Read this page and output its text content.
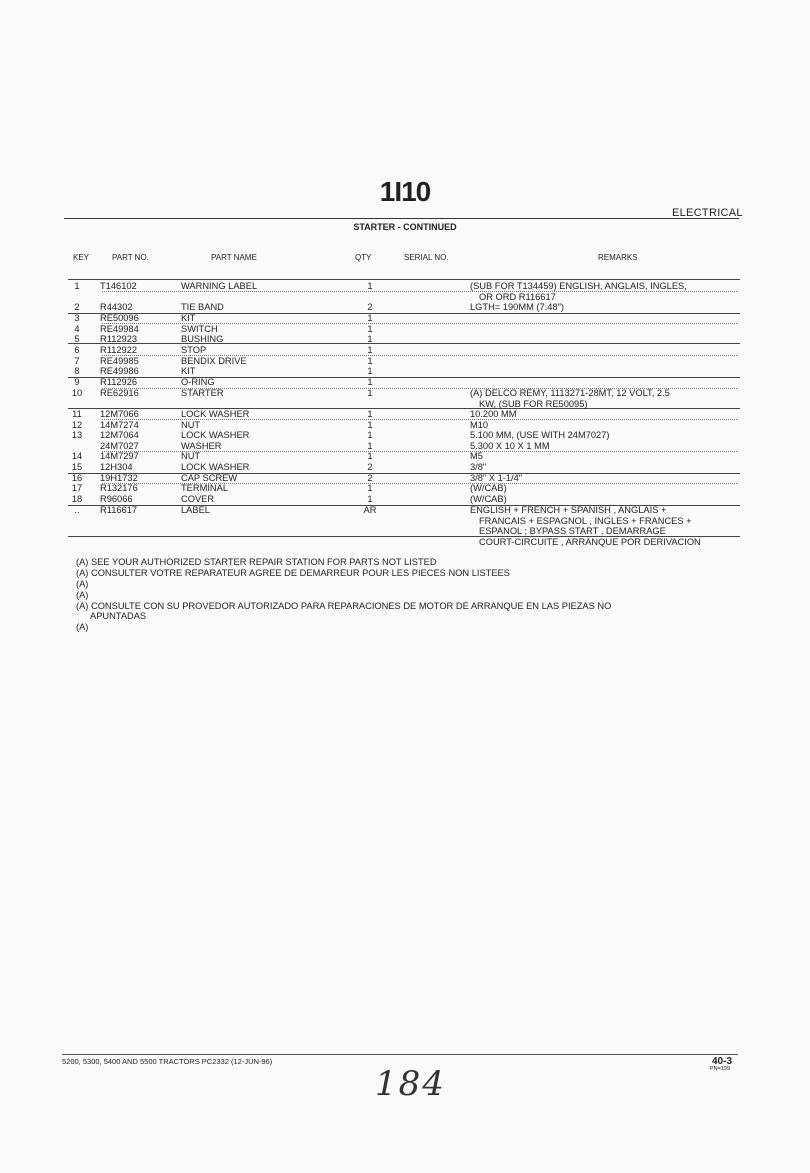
1I10
ELECTRICAL
STARTER - CONTINUED
KEY	PART NO.	PART NAME	QTY	SERIAL NO.	REMARKS
1	T146102	WARNING LABEL	1	(SUB FOR T134459) ENGLISH, ANGLAIS, INGLES,
OR ORD R116617
2	R44302	TIE BAND	2	LGTH= 190MM (7.48")
3	RE50096	KIT	1
4	RE49984	SWITCH	1
5	R112923	BUSHING	1
6	R112922	STOP	1
7	RE49985	BENDIX DRIVE	1
8	RE49986	KIT	1
9	R112926	O-RING	1
10	RE62916	STARTER	1	(A) DELCO REMY, 1113271-28MT, 12 VOLT, 2.5
KW, (SUB FOR RE50095)
11	12M7066	LOCK WASHER	1	10.200 MM
12	14M7274	NUT	1	M10
13	12M7064	LOCK WASHER	1	5.100 MM, (USE WITH 24M7027)
24M7027	WASHER	1	5.300 X 10 X 1 MM
14	14M7297	NUT	1	M5
15	12H304	LOCK WASHER	2	3/8"
16	19H1732	CAP SCREW	2	3/8" X 1-1/4"
17	R132176	TERMINAL	1	(W/CAB)
18	R96066	COVER	1	(W/CAB)
..	R116617	LABEL	AR	ENGLISH + FRENCH + SPANISH , ANGLAIS +
FRANCAIS + ESPAGNOL , INGLES + FRANCES +
ESPANOL ; BYPASS START , DEMARRAGE
COURT-CIRCUITE , ARRANQUE POR DERIVACION
(A) SEE YOUR AUTHORIZED STARTER REPAIR STATION FOR PARTS NOT LISTED
(A) CONSULTER VOTRE REPARATEUR AGREE DE DEMARREUR POUR LES PIECES NON LISTEES
(A)
(A)
(A) CONSULTE CON SU PROVEDOR AUTORIZADO PARA REPARACIONES DE MOTOR DE ARRANQUE EN LAS PIEZAS NO
APUNTADAS
(A)
5200, 5300, 5400 AND 5500 TRACTORS PC2332 (12-JUN-96)	40-3
PN=199
184
